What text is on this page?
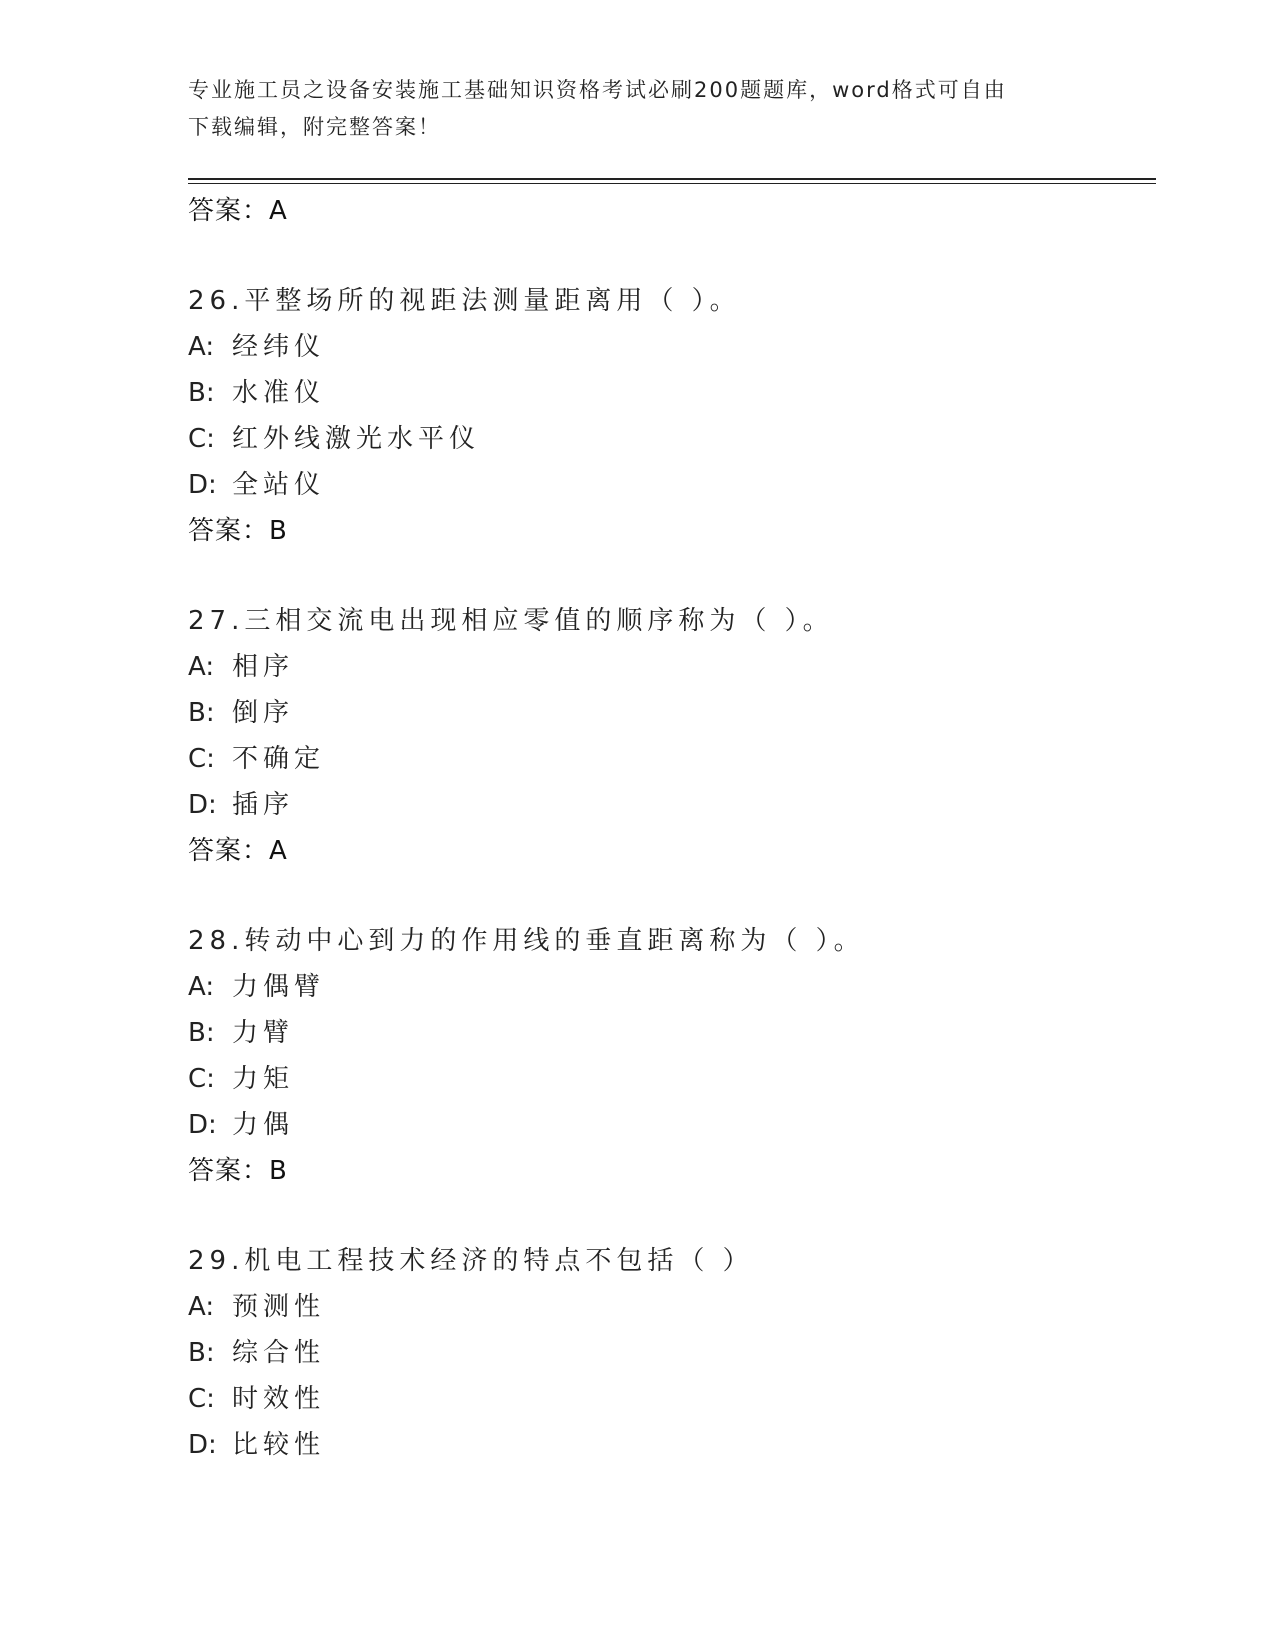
专业施工员之设备安装施工基础知识资格考试必刷200题题库，word格式可自由
下载编辑，附完整答案！
答案：A
26.平整场所的视距法测量距离用（ ）。
A: 经纬仪
B: 水准仪
C: 红外线激光水平仪
D: 全站仪
答案：B
27.三相交流电出现相应零值的顺序称为（ ）。
A: 相序
B: 倒序
C: 不确定
D: 插序
答案：A
28.转动中心到力的作用线的垂直距离称为（ ）。
A: 力偶臂
B: 力臂
C: 力矩
D: 力偶
答案：B
29.机电工程技术经济的特点不包括（ ）
A: 预测性
B: 综合性
C: 时效性
D: 比较性
